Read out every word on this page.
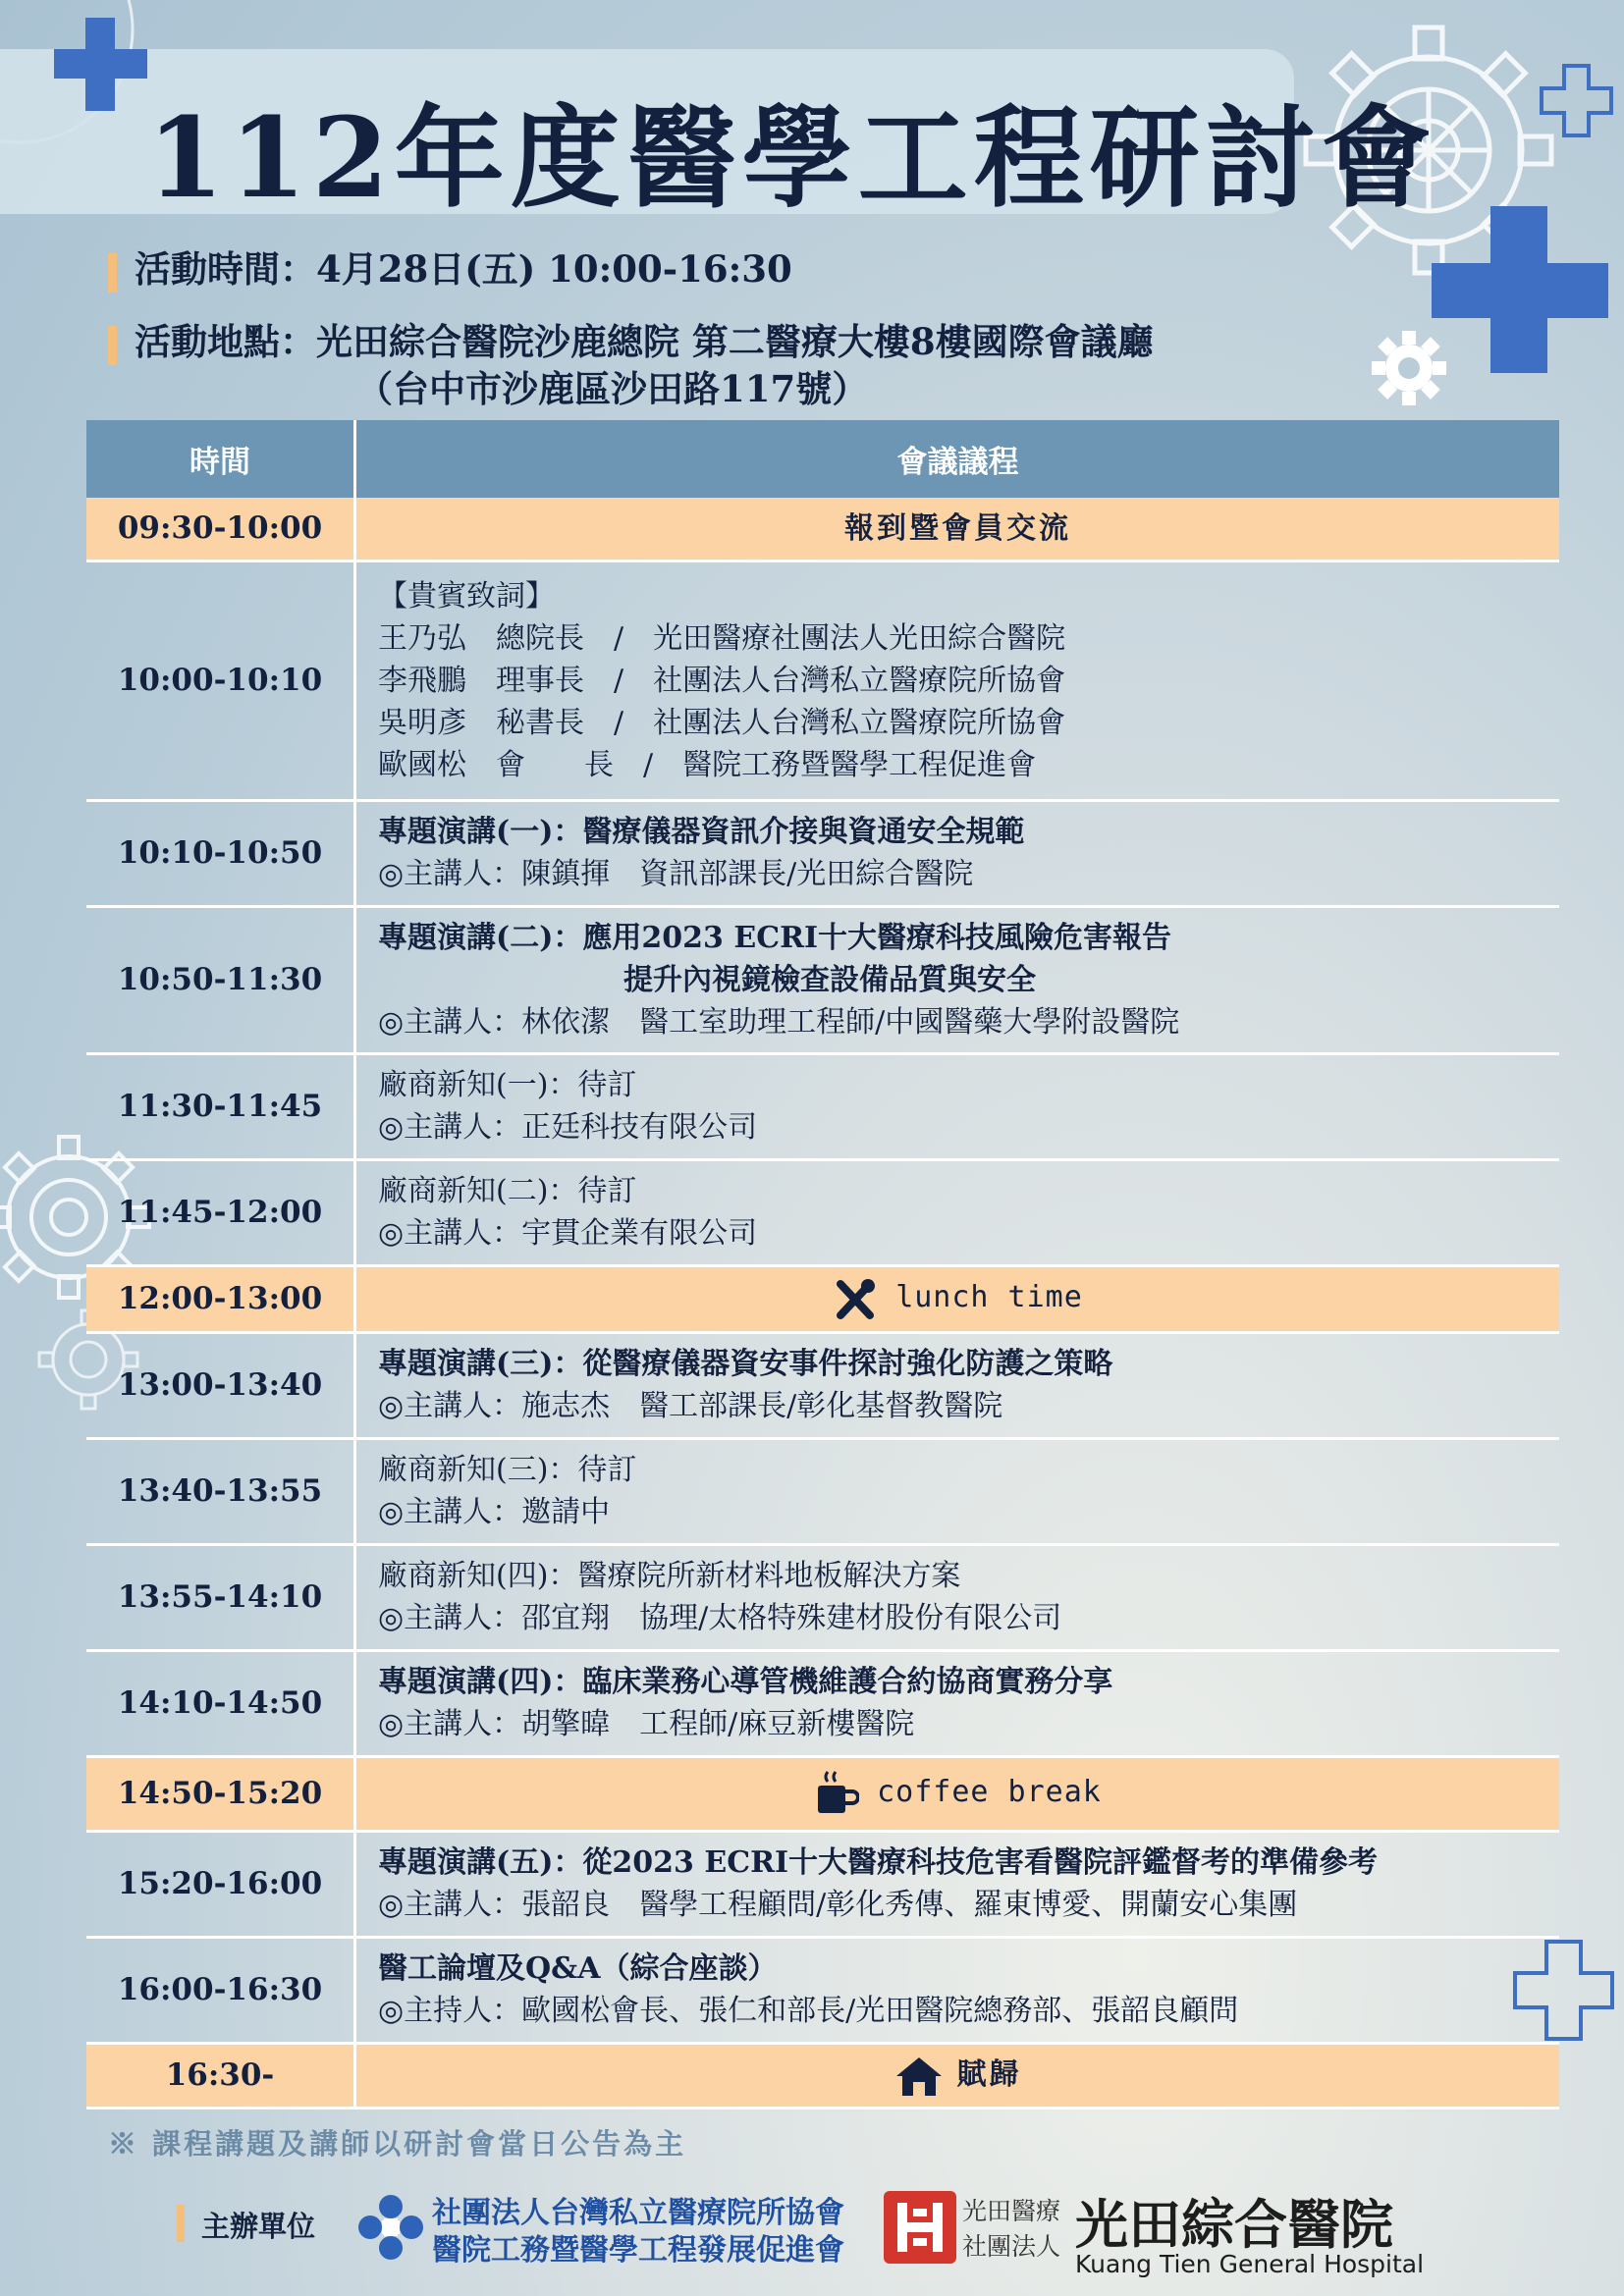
112年度醫學工程研討會
活動時間：4月28日(五) 10:00-16:30
活動地點：光田綜合醫院沙鹿總院 第二醫療大樓8樓國際會議廳
（台中市沙鹿區沙田路117號）
時間	會議議程
09:30-10:00	報到暨會員交流
10:00-10:10	【貴賓致詞】
王乃弘　總院長　/　光田醫療社團法人光田綜合醫院
李飛鵬　理事長　/　社團法人台灣私立醫療院所協會
吳明彥　秘書長　/　社團法人台灣私立醫療院所協會
歐國松　會　　長　/　醫院工務暨醫學工程促進會

10:10-10:50	專題演講(一)：醫療儀器資訊介接與資通安全規範
◎主講人：陳鎮揮　資訊部課長/光田綜合醫院

10:50-11:30	專題演講(二)：應用2023 ECRI十大醫療科技風險危害報告
提升內視鏡檢查設備品質與安全
◎主講人：林依潔　醫工室助理工程師/中國醫藥大學附設醫院

11:30-11:45	廠商新知(一)：待訂
◎主講人：正廷科技有限公司

11:45-12:00	廠商新知(二)：待訂
◎主講人：宇貫企業有限公司

12:00-13:00	lunch time
13:00-13:40	專題演講(三)：從醫療儀器資安事件探討強化防護之策略
◎主講人：施志杰　醫工部課長/彰化基督教醫院

13:40-13:55	廠商新知(三)：待訂
◎主講人：邀請中

13:55-14:10	廠商新知(四)：醫療院所新材料地板解決方案
◎主講人：邵宜翔　協理/太格特殊建材股份有限公司

14:10-14:50	專題演講(四)：臨床業務心導管機維護合約協商實務分享
◎主講人：胡擎暐　工程師/麻豆新樓醫院

14:50-15:20	coffee break
15:20-16:00	專題演講(五)：從2023 ECRI十大醫療科技危害看醫院評鑑督考的準備參考
◎主講人：張韶良　醫學工程顧問/彰化秀傳、羅東博愛、開蘭安心集團

16:00-16:30	醫工論壇及Q&A（綜合座談）
◎主持人：歐國松會長、張仁和部長/光田醫院總務部、張韶良顧問

16:30-	賦歸
※ 課程講題及講師以研討會當日公告為主
主辦單位	社團法人台灣私立醫療院所協會
醫院工務暨醫學工程發展促進會
光田醫療
社團法人 光田綜合醫院
Kuang Tien General Hospital
